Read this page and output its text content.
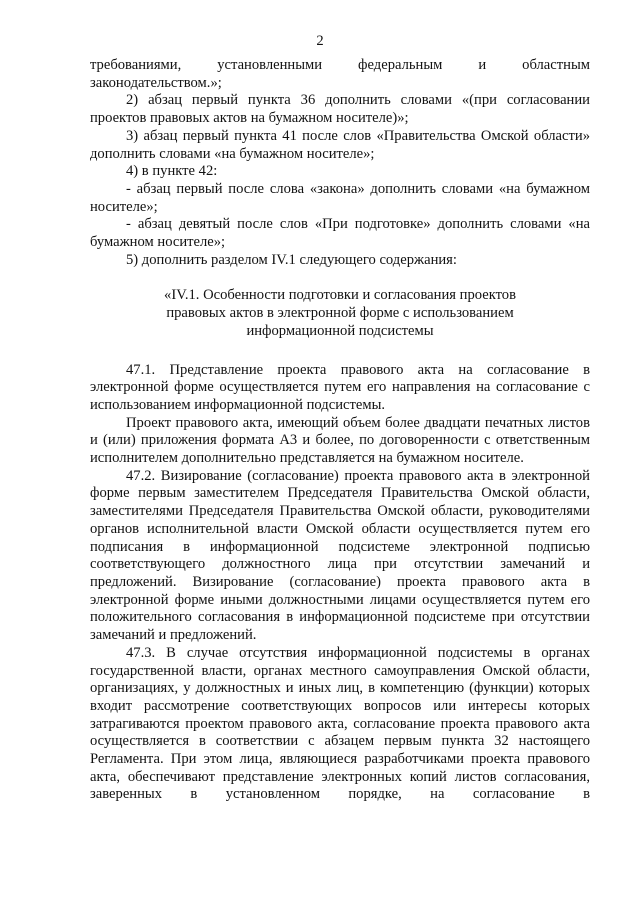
2

требованиями, установленными федеральным и областным законодательством.»;

2) абзац первый пункта 36 дополнить словами «(при согласовании проектов правовых актов на бумажном носителе)»;

3) абзац первый пункта 41 после слов «Правительства Омской области» дополнить словами «на бумажном носителе»;

4) в пункте 42:

- абзац первый после слова «закона» дополнить словами «на бумажном носителе»;

- абзац девятый после слов «При подготовке» дополнить словами «на бумажном носителе»;

5) дополнить разделом IV.1 следующего содержания:

«IV.1. Особенности подготовки и согласования проектов
правовых актов в электронной форме с использованием
информационной подсистемы

47.1. Представление проекта правового акта на согласование в электронной форме осуществляется путем его направления на согласование с использованием информационной подсистемы.

Проект правового акта, имеющий объем более двадцати печатных листов и (или) приложения формата А3 и более, по договоренности с ответственным исполнителем дополнительно представляется на бумажном носителе.

47.2. Визирование (согласование) проекта правового акта в электронной форме первым заместителем Председателя Правительства Омской области, заместителями Председателя Правительства Омской области, руководителями органов исполнительной власти Омской области осуществляется путем его подписания в информационной подсистеме электронной подписью соответствующего должностного лица при отсутствии замечаний и предложений. Визирование (согласование) проекта правового акта в электронной форме иными должностными лицами осуществляется путем его положительного согласования в информационной подсистеме при отсутствии замечаний и предложений.

47.3. В случае отсутствия информационной подсистемы в органах государственной власти, органах местного самоуправления Омской области, организациях, у должностных и иных лиц, в компетенцию (функции) которых входит рассмотрение соответствующих вопросов или интересы которых затрагиваются проектом правового акта, согласование проекта правового акта осуществляется в соответствии с абзацем первым пункта 32 настоящего Регламента. При этом лица, являющиеся разработчиками проекта правового акта, обеспечивают представление электронных копий листов согласования, заверенных в установленном порядке, на согласование в
